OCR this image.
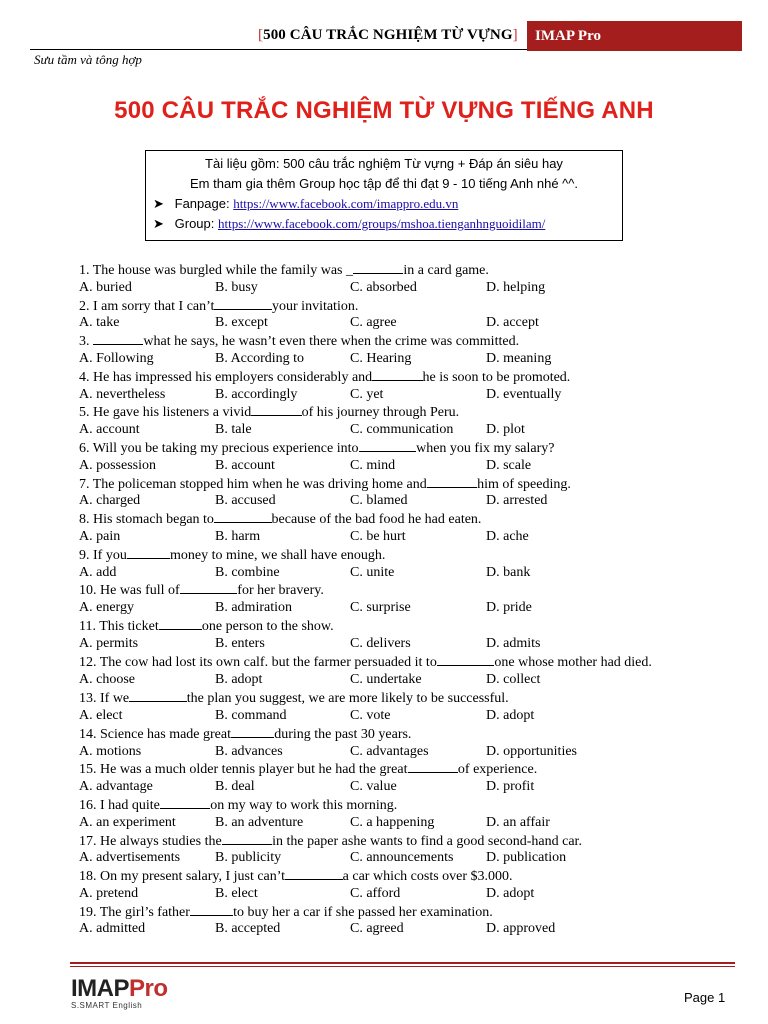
[500 CÂU TRẮC NGHIỆM TỪ VỰNG]	IMAP Pro
Sưu tầm và tông hợp
500 CÂU TRẮC NGHIỆM TỪ VỰNG TIẾNG ANH
Tài liệu gồm: 500 câu trắc nghiệm Từ vựng + Đáp án siêu hay
Em tham gia thêm Group học tập để thi đạt 9 - 10 tiếng Anh nhé ^^.
➤ Fanpage: https://www.facebook.com/imappro.edu.vn
➤ Group: https://www.facebook.com/groups/mshoa.tienganhnguoidilam/
1. The house was burgled while the family was _	in a card game.
A. buried	B. busy	C. absorbed	D. helping
2. I am sorry that I can’t	your invitation.
A. take	B. except	C. agree	D. accept
3.	what he says, he wasn’t even there when the crime was committed.
A. Following	B. According to	C. Hearing	D. meaning
4. He has impressed his employers considerably and	he is soon to be promoted.
A. nevertheless	B. accordingly	C. yet	D. eventually
5. He gave his listeners a vivid	of his journey through Peru.
A. account	B. tale	C. communication D. plot
6. Will you be taking my precious experience into	when you fix my salary?
A. possession	B. account	C. mind	D. scale
7. The policeman stopped him when he was driving home and	him of speeding.
A. charged	B. accused	C. blamed	D. arrested
8. His stomach began to	because of the bad food he had eaten.
A. pain	B. harm	C. be hurt	D. ache
9. If you	money to mine, we shall have enough.
A. add	B. combine	C. unite	D. bank
10. He was full of	for her bravery.
A. energy	B. admiration	C. surprise	D. pride
11. This ticket	one person to the show.
A. permits	B. enters	C. delivers	D. admits
12. The cow had lost its own calf. but the farmer persuaded it to	one whose mother had died.
A. choose	B. adopt	C. undertake	D. collect
13. If we	the plan you suggest, we are more likely to be successful.
A. elect	B. command	C. vote	D. adopt
14. Science has made great	during the past 30 years.
A. motions	B. advances	C. advantages	D. opportunities
15. He was a much older tennis player but he had the great	of experience.
A. advantage	B. deal	C. value	D. profit
16. I had quite	on my way to work this morning.
A. an experiment	B. an adventure	C. a happening	D. an affair
17. He always studies the	in the paper ashe wants to find a good second-hand car.
A. advertisements B. publicity	C. announcements D. publication
18. On my present salary, I just can’t	a car which costs over $3.000.
A. pretend	B. elect	C. afford	D. adopt
19. The girl’s father	to buy her a car if she passed her examination.
A. admitted	B. accepted	C. agreed	D. approved
IMAPPro
S.SMART English
Page 1
